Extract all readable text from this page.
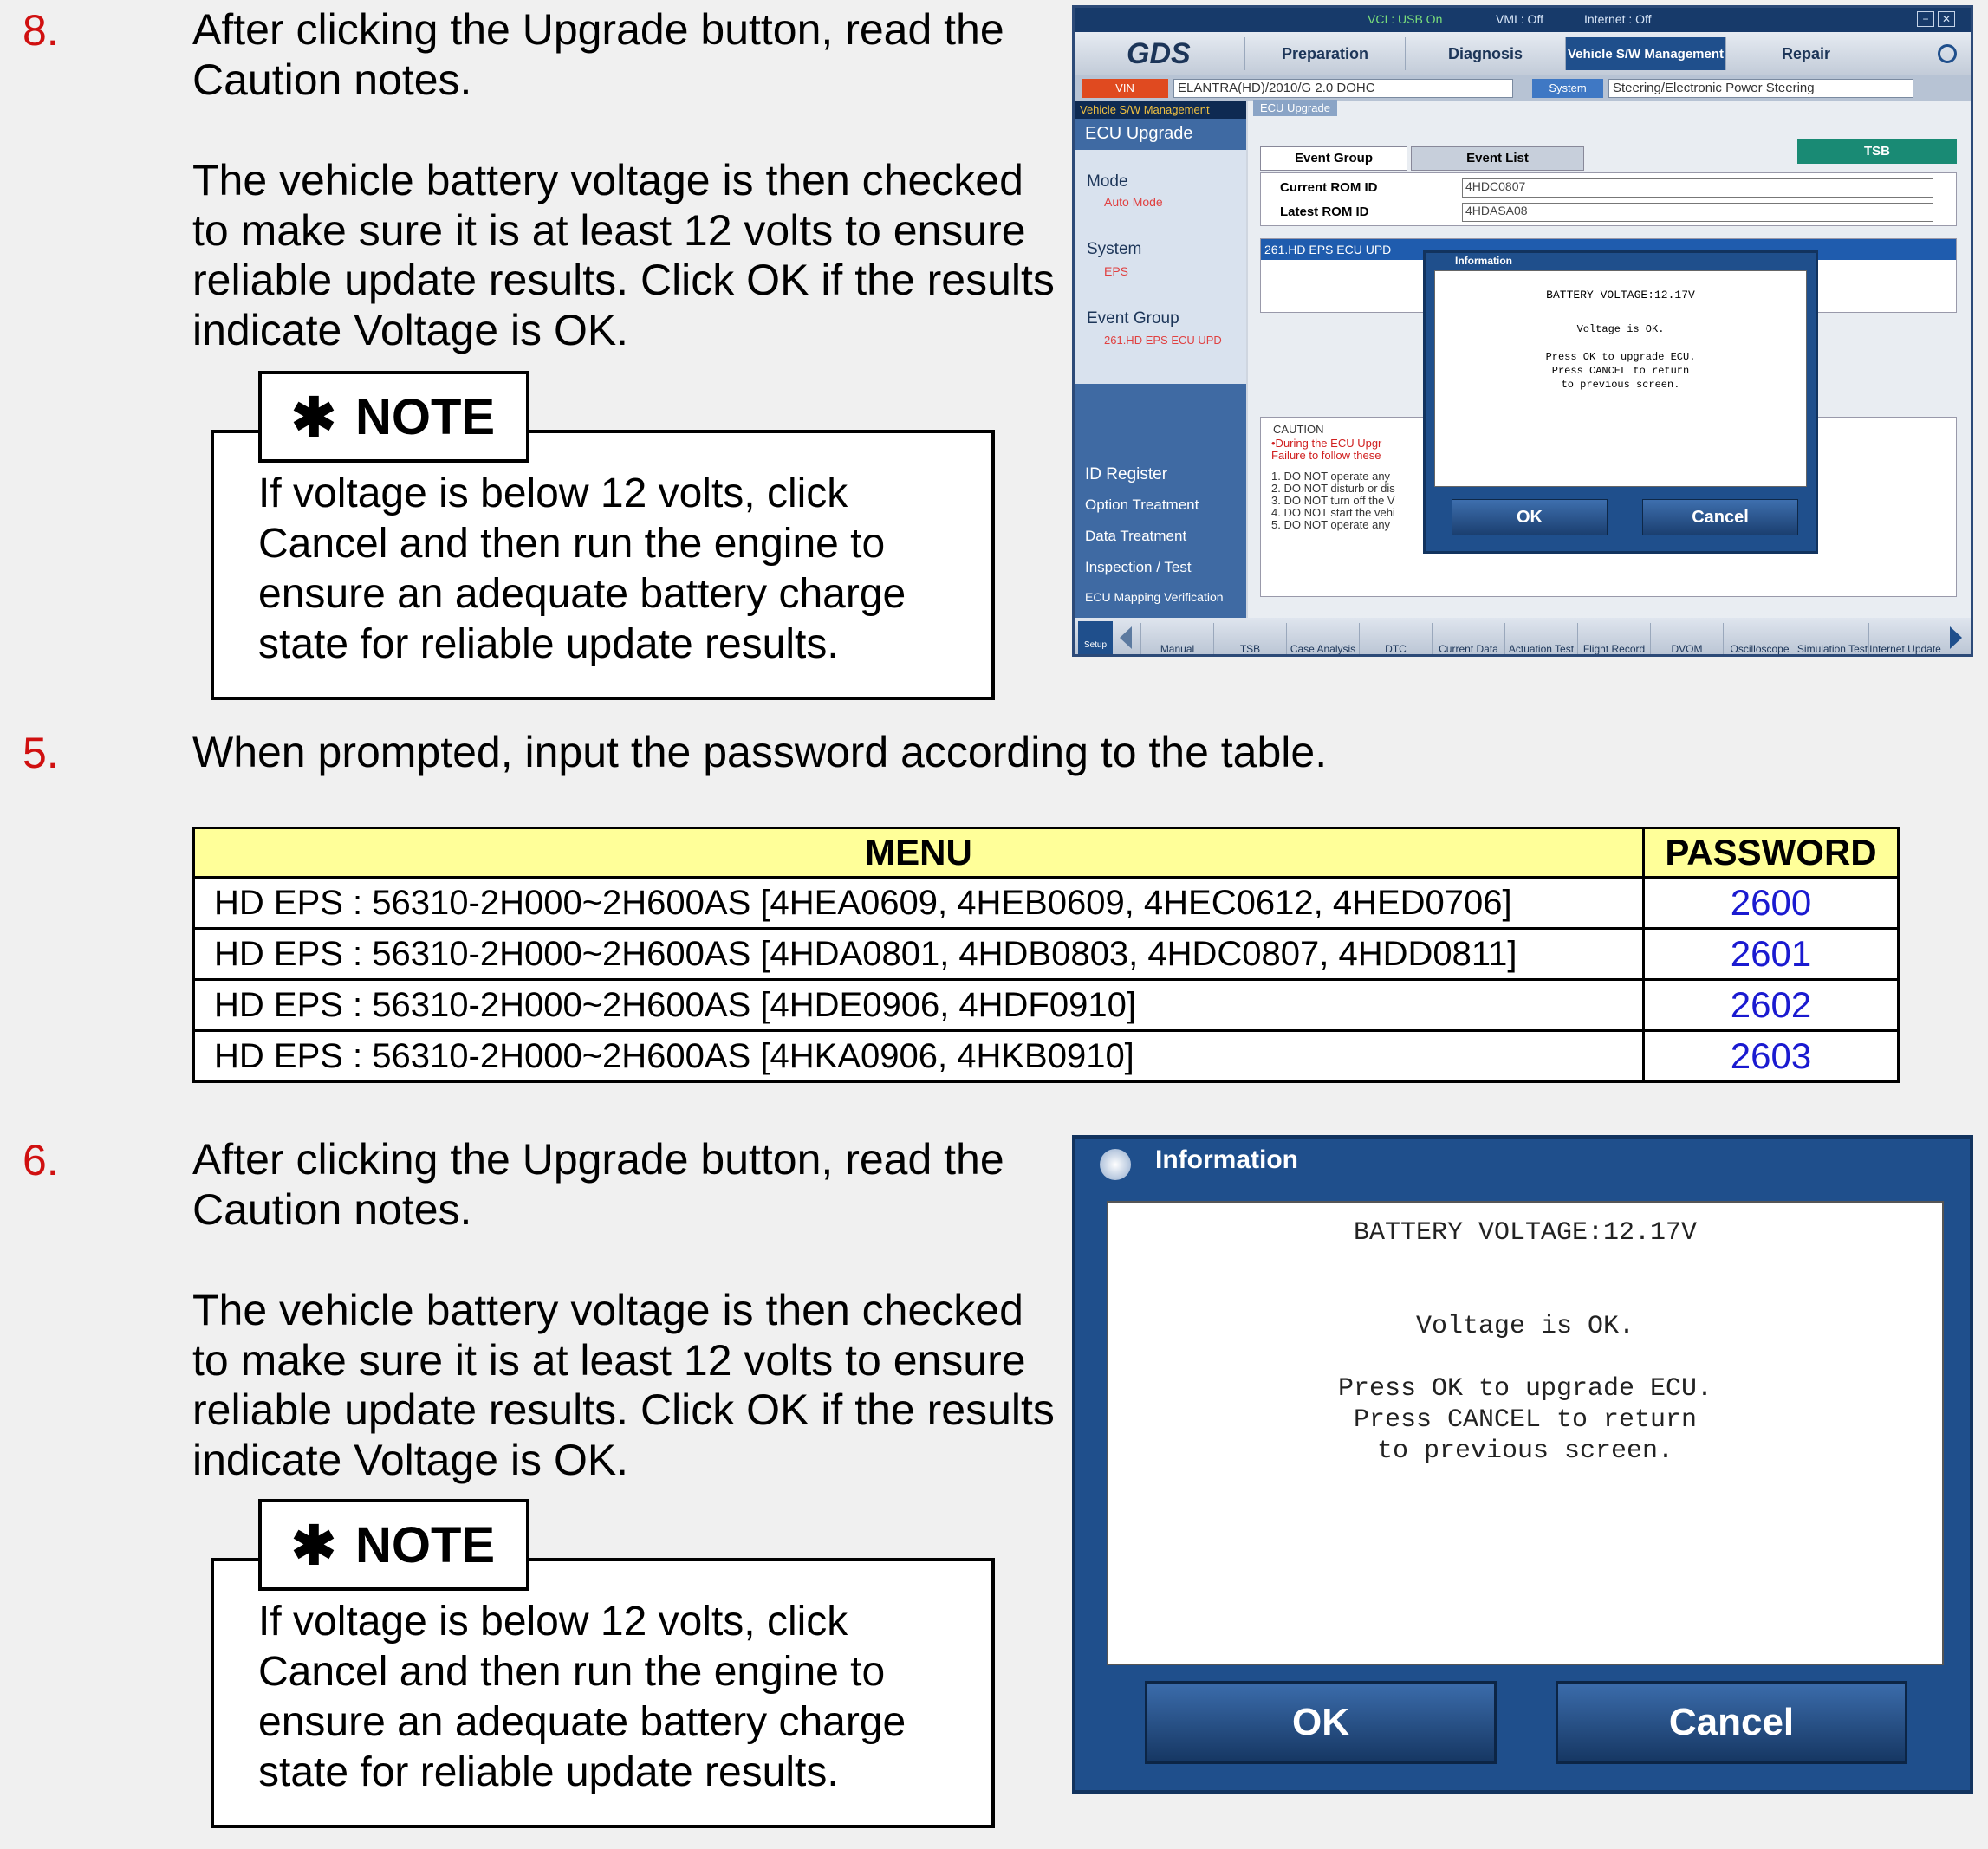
8.	After clicking the Upgrade button, read the
Caution notes.
The vehicle battery voltage is then checked
to make sure it is at least 12 volts to ensure
reliable update results. Click OK if the results
indicate Voltage is OK.
✱ NOTE
If voltage is below 12 volts, click
Cancel and then run the engine to
ensure an adequate battery charge
state for reliable update results.
VCI : USB On	VMI : Off	Internet : Off	−	✕
GDS	Preparation	Diagnosis	Vehicle S/W Management	Repair
VIN	ELANTRA(HD)/2010/G 2.0 DOHC	System	Steering/Electronic Power Steering
Vehicle S/W Management
ECU Upgrade
Mode
Auto Mode
System
EPS
Event Group
261.HD EPS ECU UPD
ID Register
Option Treatment
Data Treatment
Inspection / Test
ECU Mapping Verification
ECU Upgrade
Event Group	Event List	TSB
Current ROM ID	4HDC0807
Latest ROM ID	4HDASA08
261.HD EPS ECU UPD
CAUTION
•During the ECU Upgr
Failure to follow these
1. DO NOT operate any
2. DO NOT disturb or dis
3. DO NOT turn off the V
4. DO NOT start the vehi
5. DO NOT operate any
Information
BATTERY VOLTAGE:12.17V
Voltage is OK.
Press OK to upgrade ECU.
Press CANCEL to return
to previous screen.
OK	Cancel
Setup	Manual	TSB	Case Analysis	DTC	Current Data	Actuation Test Flight Record	DVOM	Oscilloscope Simulation Test Internet Update
5.	When prompted, input the password according to the table.
MENU	PASSWORD
HD EPS : 56310-2H000~2H600AS [4HEA0609, 4HEB0609, 4HEC0612, 4HED0706]	2600
HD EPS : 56310-2H000~2H600AS [4HDA0801, 4HDB0803, 4HDC0807, 4HDD0811]	2601
HD EPS : 56310-2H000~2H600AS [4HDE0906, 4HDF0910]	2602
HD EPS : 56310-2H000~2H600AS [4HKA0906, 4HKB0910]	2603
6.	After clicking the Upgrade button, read the
Caution notes.
The vehicle battery voltage is then checked
to make sure it is at least 12 volts to ensure
reliable update results. Click OK if the results
indicate Voltage is OK.
✱ NOTE
If voltage is below 12 volts, click
Cancel and then run the engine to
ensure an adequate battery charge
state for reliable update results.
Information
BATTERY VOLTAGE:12.17V
Voltage is OK.
Press OK to upgrade ECU.
Press CANCEL to return
to previous screen.
OK	Cancel
